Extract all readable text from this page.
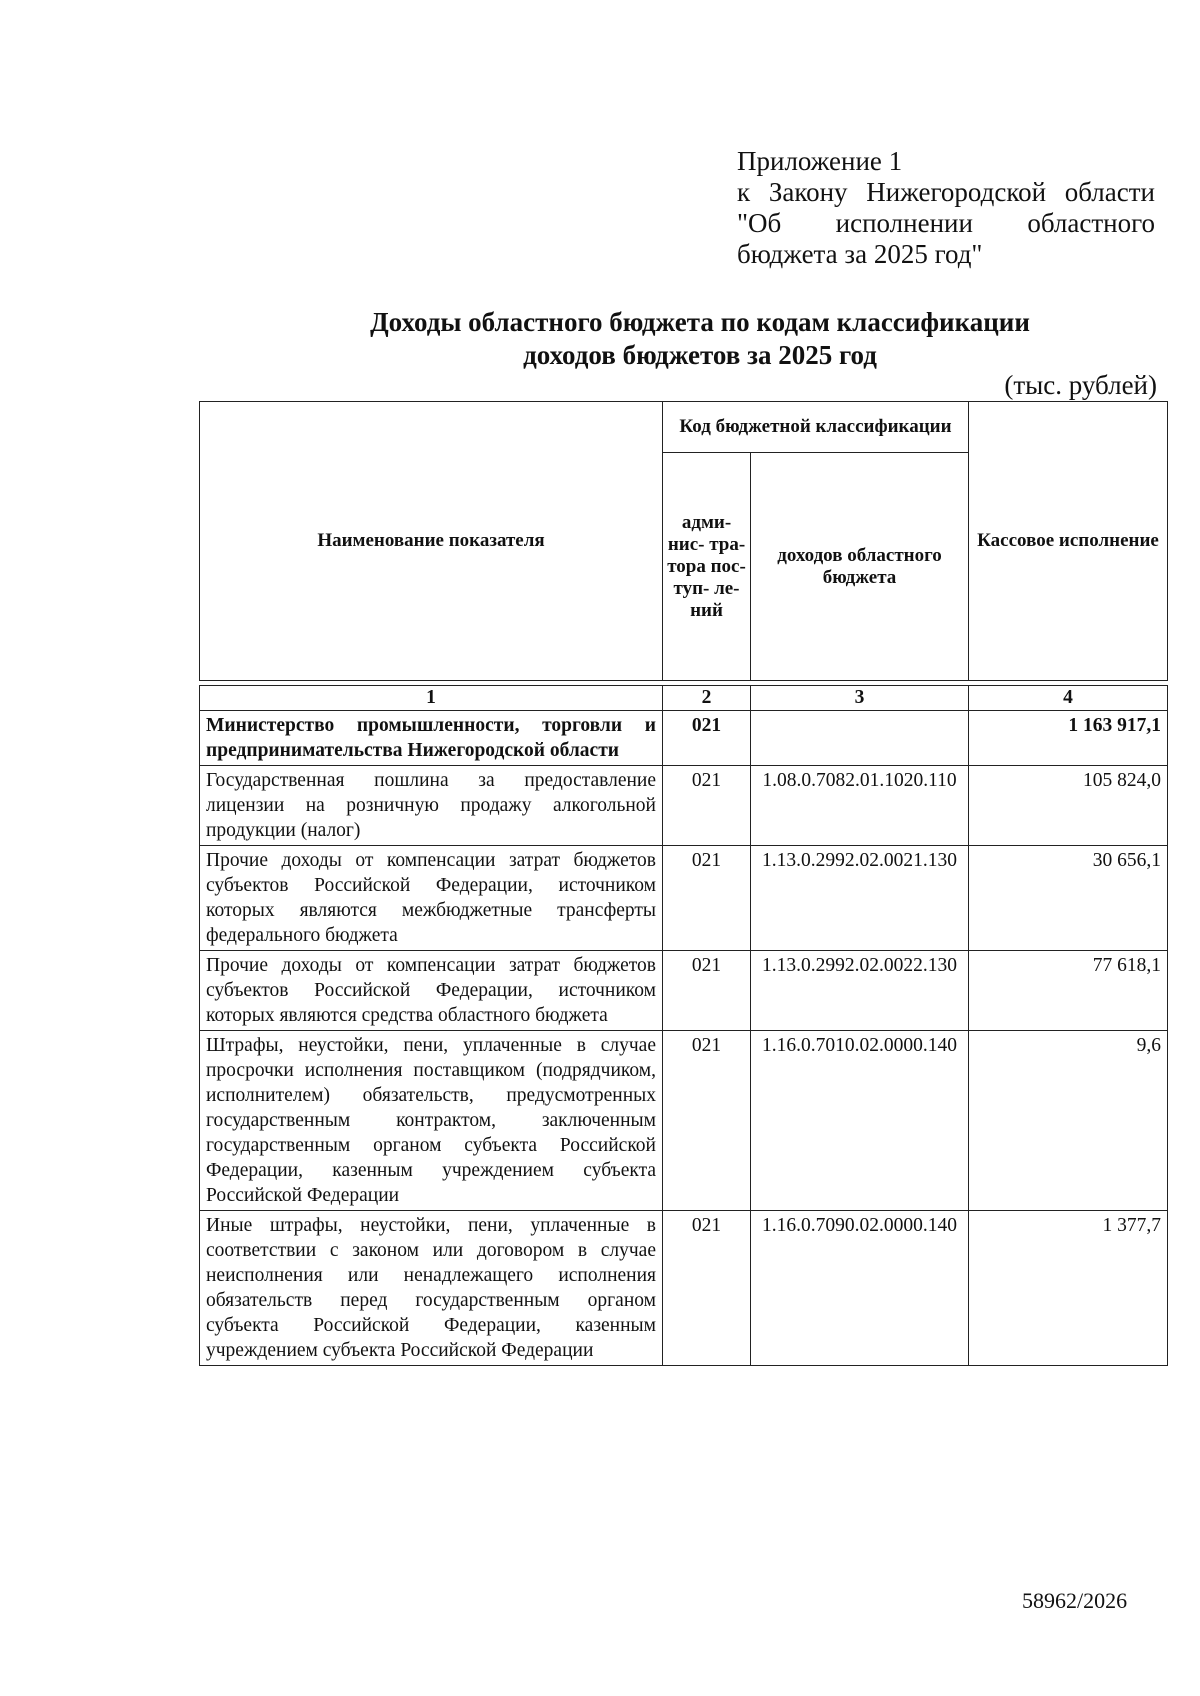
Приложение 1
к Закону Нижегородской области
"Об исполнении областного
бюджета за 2025 год"
Доходы областного бюджета по кодам классификации
доходов бюджетов за 2025 год
(тыс. рублей)
Наименование показателя	Код бюджетной классификации		Кассовое исполнение
	адми- нис- тра- тора пос- туп- ле- ний	доходов областного бюджета	

1	2	3	4
Министерство промышленности, торговли и предпринимательства Нижегородской области	021		1 163 917,1
Государственная пошлина за предоставление лицензии на розничную продажу алкогольной продукции (налог)	021	1.08.0.7082.01.1020.110	105 824,0
Прочие доходы от компенсации затрат бюджетов субъектов Российской Федерации, источником которых являются межбюджетные трансферты федерального бюджета	021	1.13.0.2992.02.0021.130	30 656,1
Прочие доходы от компенсации затрат бюджетов субъектов Российской Федерации, источником которых являются средства областного бюджета	021	1.13.0.2992.02.0022.130	77 618,1
Штрафы, неустойки, пени, уплаченные в случае просрочки исполнения поставщиком (подрядчиком, исполнителем) обязательств, предусмотренных государственным контрактом, заключенным государственным органом субъекта Российской Федерации, казенным учреждением субъекта Российской Федерации	021	1.16.0.7010.02.0000.140	9,6
Иные штрафы, неустойки, пени, уплаченные в соответствии с законом или договором в случае неисполнения или ненадлежащего исполнения обязательств перед государственным органом субъекта Российской Федерации, казенным учреждением субъекта Российской Федерации	021	1.16.0.7090.02.0000.140	1 377,7
58962/2026
